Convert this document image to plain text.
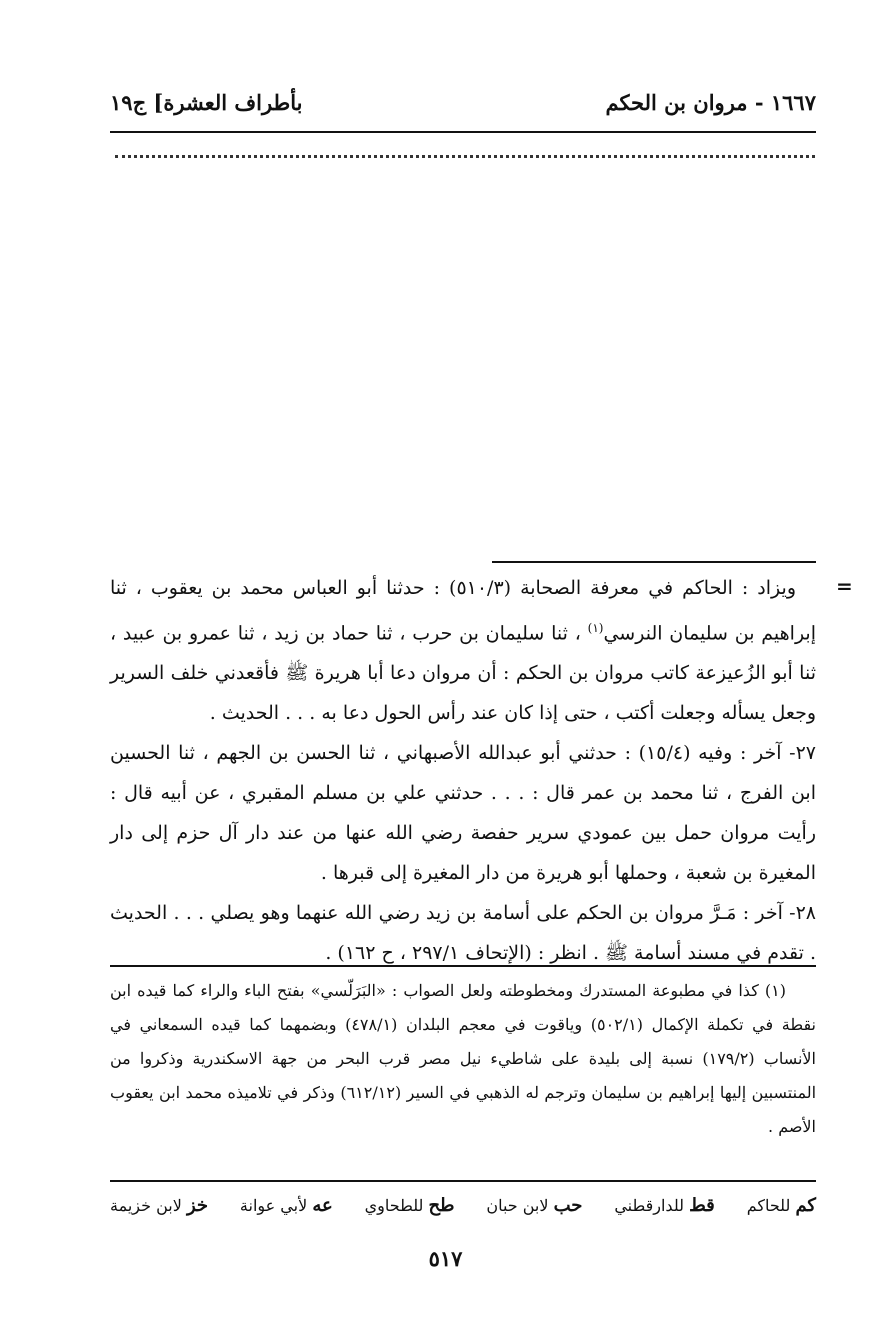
بأطراف العشرة] ج١٩	١٦٦٧ - مروان بن الحكم
=

ويزاد : الحاكم في معرفة الصحابة (٥١٠/٣) : حدثنا أبو العباس محمد بن يعقوب ، ثنا إبراهيم بن سليمان النرسي$^{(١)}$ ، ثنا سليمان بن حرب ، ثنا حماد بن زيد ، ثنا عمرو بن عبيد ، ثنا أبو الزُعيزعة كاتب مروان بن الحكم : أن مروان دعا أبا هريرة ﷺ فأقعدني خلف السرير وجعل يسأله وجعلت أكتب ، حتى إذا كان عند رأس الحول دعا به . . . الحديث .

٢٧- آخر : وفيه (١٥/٤) : حدثني أبو عبدالله الأصبهاني ، ثنا الحسن بن الجهم ، ثنا الحسين ابن الفرج ، ثنا محمد بن عمر قال : . . . حدثني علي بن مسلم المقبري ، عن أبيه قال : رأيت مروان حمل بين عمودي سرير حفصة رضي الله عنها من عند دار آل حزم إلى دار المغيرة بن شعبة ، وحملها أبو هريرة من دار المغيرة إلى قبرها .

٢٨- آخر : مَـرَّ مروان بن الحكم على أسامة بن زيد رضي الله عنهما وهو يصلي . . . الحديث . تقدم في مسند أسامة ﷺ . انظر : (الإتحاف ٢٩٧/١ ، ح ١٦٢) .

(١) كذا في مطبوعة المستدرك ومخطوطته ولعل الصواب : «البَرَلّسي» بفتح الباء والراء كما قيده ابن نقطة في تكملة الإكمال (٥٠٢/١) وياقوت في معجم البلدان (٤٧٨/١) وبضمهما كما قيده السمعاني في الأنساب (١٧٩/٢) نسبة إلى بليدة على شاطيء نيل مصر قرب البحر من جهة الاسكندرية وذكروا من المنتسبين إليها إبراهيم بن سليمان وترجم له الذهبي في السير (٦١٢/١٢) وذكر في تلاميذه محمد ابن يعقوب الأصم .

خز لابن خزيمة	عه لأبي عوانة	طح للطحاوي	حب لابن حبان	قط للدارقطني	كم للحاكم
٥١٧
